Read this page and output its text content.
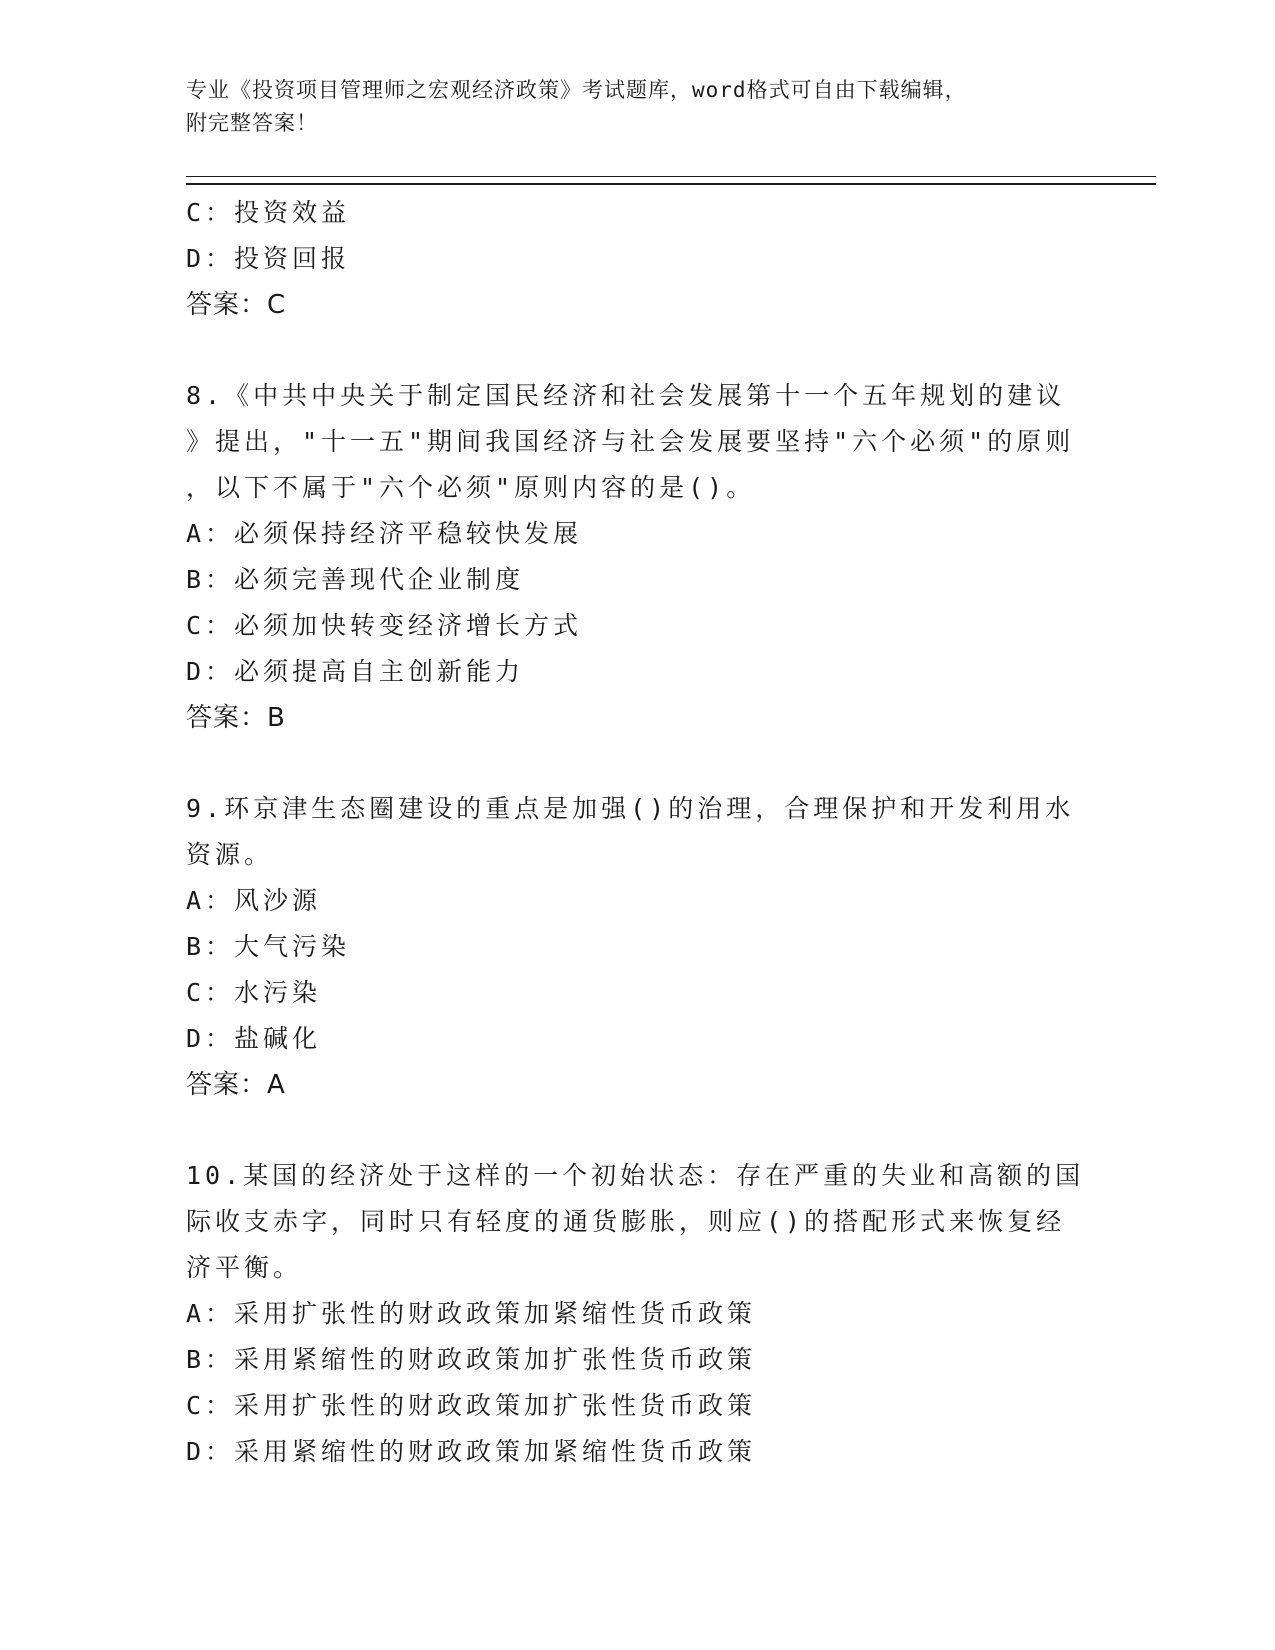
专业《投资项目管理师之宏观经济政策》考试题库，word格式可自由下载编辑，
附完整答案！
C：投资效益
D：投资回报
答案：C
8.《中共中央关于制定国民经济和社会发展第十一个五年规划的建议
》提出，"十一五"期间我国经济与社会发展要坚持"六个必须"的原则
，以下不属于"六个必须"原则内容的是()。
A：必须保持经济平稳较快发展
B：必须完善现代企业制度
C：必须加快转变经济增长方式
D：必须提高自主创新能力
答案：B
9.环京津生态圈建设的重点是加强()的治理，合理保护和开发利用水
资源。
A：风沙源
B：大气污染
C：水污染
D：盐碱化
答案：A
10.某国的经济处于这样的一个初始状态：存在严重的失业和高额的国
际收支赤字，同时只有轻度的通货膨胀，则应()的搭配形式来恢复经
济平衡。
A：采用扩张性的财政政策加紧缩性货币政策
B：采用紧缩性的财政政策加扩张性货币政策
C：采用扩张性的财政政策加扩张性货币政策
D：采用紧缩性的财政政策加紧缩性货币政策
